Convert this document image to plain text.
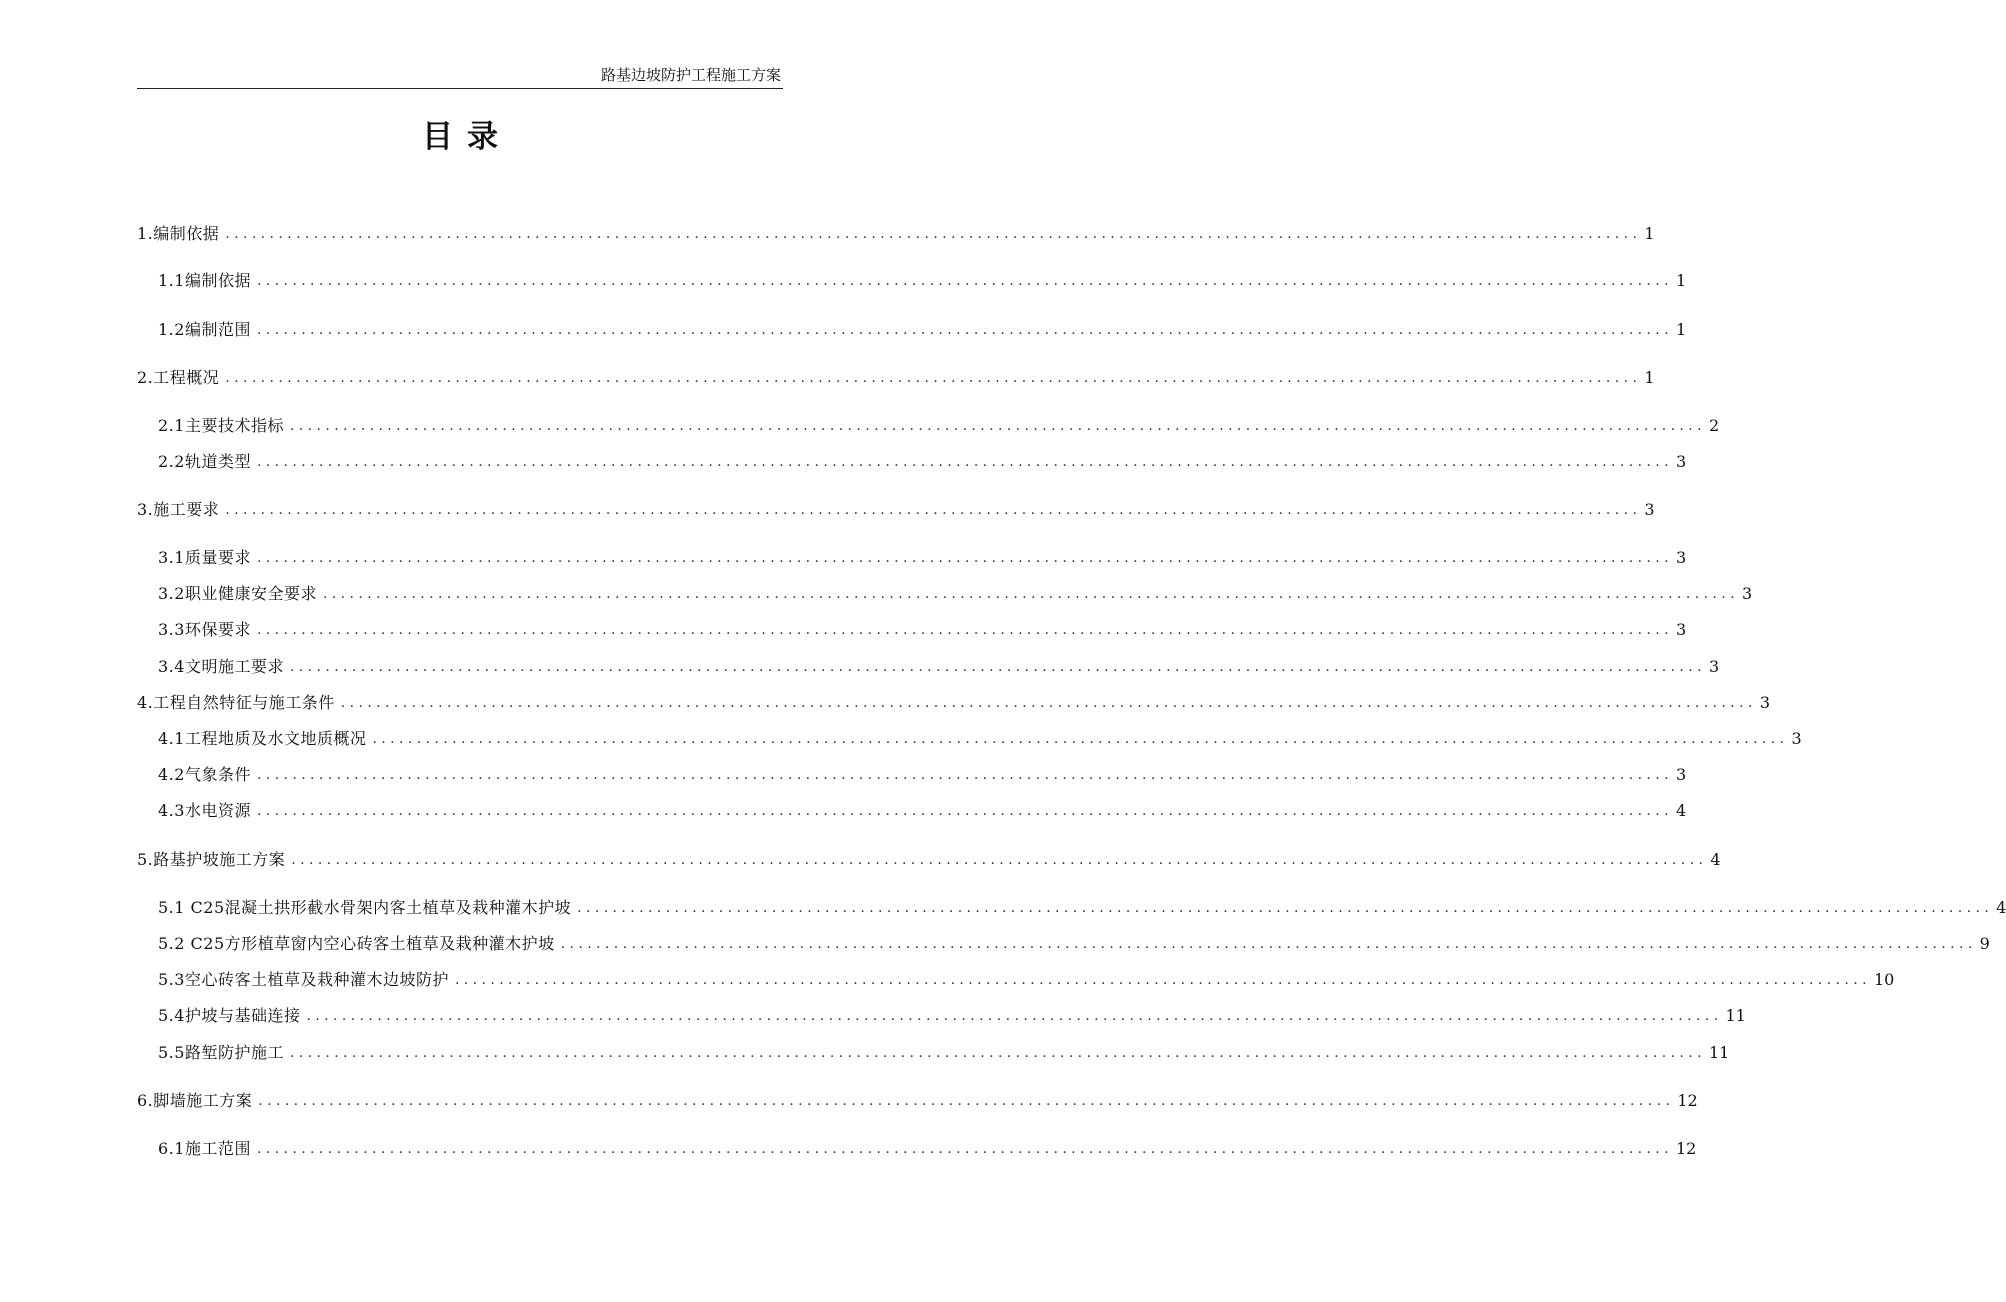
路基边坡防护工程施工方案
目录
1.编制依据 ................................................................................................................................................................ 1
1.1编制依据 ................................................................................................................................................................ 1
1.2编制范围 ................................................................................................................................................................ 1
2.工程概况 ................................................................................................................................................................ 1
2.1主要技术指标 ................................................................................................................................................................ 2
2.2轨道类型 ................................................................................................................................................................ 3
3.施工要求 ................................................................................................................................................................ 3
3.1质量要求 ................................................................................................................................................................ 3
3.2职业健康安全要求 ................................................................................................................................................................ 3
3.3环保要求 ................................................................................................................................................................ 3
3.4文明施工要求 ................................................................................................................................................................ 3
4.工程自然特征与施工条件 ................................................................................................................................................................ 3
4.1工程地质及水文地质概况 ................................................................................................................................................................ 3
4.2气象条件 ................................................................................................................................................................ 3
4.3水电资源 ................................................................................................................................................................ 4
5.路基护坡施工方案 ................................................................................................................................................................ 4
5.1 C25混凝土拱形截水骨架内客土植草及栽种灌木护坡 ................................................................................................................................................................ 4
5.2 C25方形植草窗内空心砖客土植草及栽种灌木护坡 ................................................................................................................................................................ 9
5.3空心砖客土植草及栽种灌木边坡防护 ................................................................................................................................................................ 10
5.4护坡与基础连接 ................................................................................................................................................................ 11
5.5路堑防护施工 ................................................................................................................................................................ 11
6.脚墙施工方案 ................................................................................................................................................................ 12
6.1施工范围 ................................................................................................................................................................ 12
